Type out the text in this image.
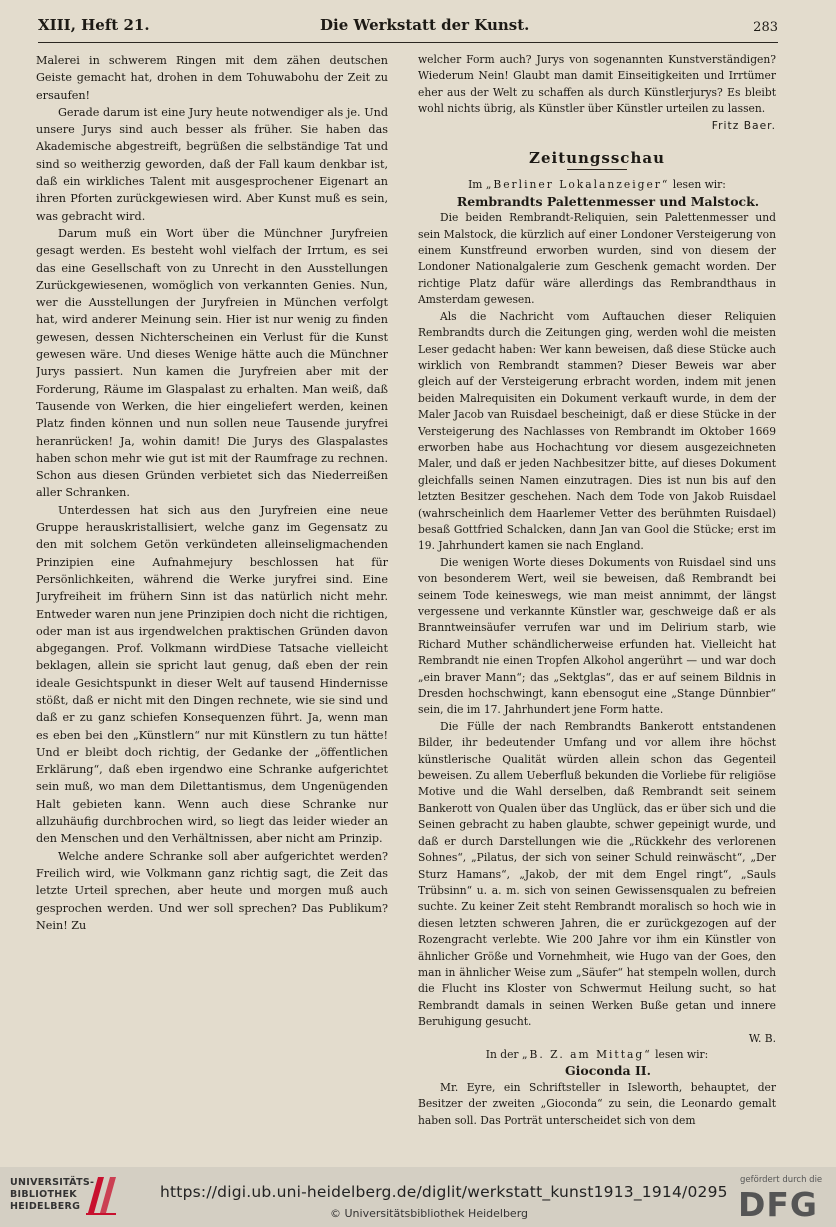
XIII, Heft 21.	Die Werkstatt der Kunst.	283

Malerei in schwerem Ringen mit dem zähen deutschen Geiste gemacht hat, drohen in dem Tohuwabohu der Zeit zu ersaufen!

Gerade darum ist eine Jury heute notwendiger als je. Und unsere Jurys sind auch besser als früher. Sie haben das Akademische abgestreift, begrüßen die selbständige Tat und sind so weitherzig geworden, daß der Fall kaum denkbar ist, daß ein wirkliches Talent mit ausgesprochener Eigenart an ihren Pforten zurückgewiesen wird. Aber Kunst muß es sein, was gebracht wird.

Darum muß ein Wort über die Münchner Juryfreien gesagt werden. Es besteht wohl vielfach der Irrtum, es sei das eine Gesellschaft von zu Unrecht in den Ausstellungen Zurückgewiesenen, womöglich von verkannten Genies. Nun, wer die Ausstellungen der Juryfreien in München verfolgt hat, wird anderer Meinung sein. Hier ist nur wenig zu finden gewesen, dessen Nichterscheinen ein Verlust für die Kunst gewesen wäre. Und dieses Wenige hätte auch die Münchner Jurys passiert. Nun kamen die Juryfreien aber mit der Forderung, Räume im Glaspalast zu erhalten. Man weiß, daß Tausende von Werken, die hier eingeliefert werden, keinen Platz finden können und nun sollen neue Tausende juryfrei heranrücken! Ja, wohin damit! Die Jurys des Glaspalastes haben schon mehr wie gut ist mit der Raumfrage zu rechnen. Schon aus diesen Gründen verbietet sich das Niederreißen aller Schranken.

Unterdessen hat sich aus den Juryfreien eine neue Gruppe herauskristallisiert, welche ganz im Gegensatz zu den mit solchem Getön verkündeten alleinseligmachenden Prinzipien eine Aufnahmejury beschlossen hat für Persönlichkeiten, während die Werke juryfrei sind. Eine Juryfreiheit im frühern Sinn ist das natürlich nicht mehr. Entweder waren nun jene Prinzipien doch nicht die richtigen, oder man ist aus irgendwelchen praktischen Gründen davon abgegangen. Prof. Volkmann wirdDiese Tatsache vielleicht beklagen, allein sie spricht laut genug, daß eben der rein ideale Gesichtspunkt in dieser Welt auf tausend Hindernisse stößt, daß er nicht mit den Dingen rechnete, wie sie sind und daß er zu ganz schiefen Konsequenzen führt. Ja, wenn man es eben bei den „Künstlern“ nur mit Künstlern zu tun hätte! Und er bleibt doch richtig, der Gedanke der „öffentlichen Erklärung“, daß eben irgendwo eine Schranke aufgerichtet sein muß, wo man dem Dilettantismus, dem Ungenügenden Halt gebieten kann. Wenn auch diese Schranke nur allzuhäufig durchbrochen wird, so liegt das leider wieder an den Menschen und den Verhältnissen, aber nicht am Prinzip.

Welche andere Schranke soll aber aufgerichtet werden? Freilich wird, wie Volkmann ganz richtig sagt, die Zeit das letzte Urteil sprechen, aber heute und morgen muß auch gesprochen werden. Und wer soll sprechen? Das Publikum? Nein! Zu

welcher Form auch? Jurys von sogenannten Kunstverständigen? Wiederum Nein! Glaubt man damit Einseitigkeiten und Irrtümer eher aus der Welt zu schaffen als durch Künstlerjurys? Es bleibt wohl nichts übrig, als Künstler über Künstler urteilen zu lassen.

Fritz Baer.

Zeitungsschau

Im „Berliner Lokalanzeiger“ lesen wir:

Rembrandts Palettenmesser und Malstock.

Die beiden Rembrandt-Reliquien, sein Palettenmesser und sein Malstock, die kürzlich auf einer Londoner Versteigerung von einem Kunstfreund erworben wurden, sind von diesem der Londoner Nationalgalerie zum Geschenk gemacht worden. Der richtige Platz dafür wäre allerdings das Rembrandthaus in Amsterdam gewesen.

Als die Nachricht vom Auftauchen dieser Reliquien Rembrandts durch die Zeitungen ging, werden wohl die meisten Leser gedacht haben: Wer kann beweisen, daß diese Stücke auch wirklich von Rembrandt stammen? Dieser Beweis war aber gleich auf der Versteigerung erbracht worden, indem mit jenen beiden Malrequisiten ein Dokument verkauft wurde, in dem der Maler Jacob van Ruisdael bescheinigt, daß er diese Stücke in der Versteigerung des Nachlasses von Rembrandt im Oktober 1669 erworben habe aus Hochachtung vor diesem ausgezeichneten Maler, und daß er jeden Nachbesitzer bitte, auf dieses Dokument gleichfalls seinen Namen einzutragen. Dies ist nun bis auf den letzten Besitzer geschehen. Nach dem Tode von Jakob Ruisdael (wahrscheinlich dem Haarlemer Vetter des berühmten Ruisdael) besaß Gottfried Schalcken, dann Jan van Gool die Stücke; erst im 19. Jahrhundert kamen sie nach England.

Die wenigen Worte dieses Dokuments von Ruisdael sind uns von besonderem Wert, weil sie beweisen, daß Rembrandt bei seinem Tode keineswegs, wie man meist annimmt, der längst vergessene und verkannte Künstler war, geschweige daß er als Branntweinsäufer verrufen war und im Delirium starb, wie Richard Muther schändlicherweise erfunden hat. Vielleicht hat Rembrandt nie einen Tropfen Alkohol angerührt — und war doch „ein braver Mann“; das „Sektglas“, das er auf seinem Bildnis in Dresden hochschwingt, kann ebensogut eine „Stange Dünnbier“ sein, die im 17. Jahrhundert jene Form hatte.

Die Fülle der nach Rembrandts Bankerott entstandenen Bilder, ihr bedeutender Umfang und vor allem ihre höchst künstlerische Qualität würden allein schon das Gegenteil beweisen. Zu allem Ueberfluß bekunden die Vorliebe für religiöse Motive und die Wahl derselben, daß Rembrandt seit seinem Bankerott von Qualen über das Unglück, das er über sich und die Seinen gebracht zu haben glaubte, schwer gepeinigt wurde, und daß er durch Darstellungen wie die „Rückkehr des verlorenen Sohnes“, „Pilatus, der sich von seiner Schuld reinwäscht“, „Der Sturz Hamans“, „Jakob, der mit dem Engel ringt“, „Sauls Trübsinn“ u. a. m. sich von seinen Gewissensqualen zu befreien suchte. Zu keiner Zeit steht Rembrandt moralisch so hoch wie in diesen letzten schweren Jahren, die er zurückgezogen auf der Rozengracht verlebte. Wie 200 Jahre vor ihm ein Künstler von ähnlicher Größe und Vornehmheit, wie Hugo van der Goes, den man in ähnlicher Weise zum „Säufer“ hat stempeln wollen, durch die Flucht ins Kloster von Schwermut Heilung sucht, so hat Rembrandt damals in seinen Werken Buße getan und innere Beruhigung gesucht.

W. B.

In der „B. Z. am Mittag“ lesen wir:

Gioconda II.

Mr. Eyre, ein Schriftsteller in Isleworth, behauptet, der Besitzer der zweiten „Gioconda“ zu sein, die Leonardo gemalt haben soll. Das Porträt unterscheidet sich von dem

UNIVERSITÄTS-
BIBLIOTHEK
HEIDELBERG
https://digi.ub.uni-heidelberg.de/diglit/werkstatt_kunst1913_1914/0295
© Universitätsbibliothek Heidelberg
gefördert durch die
DFG
